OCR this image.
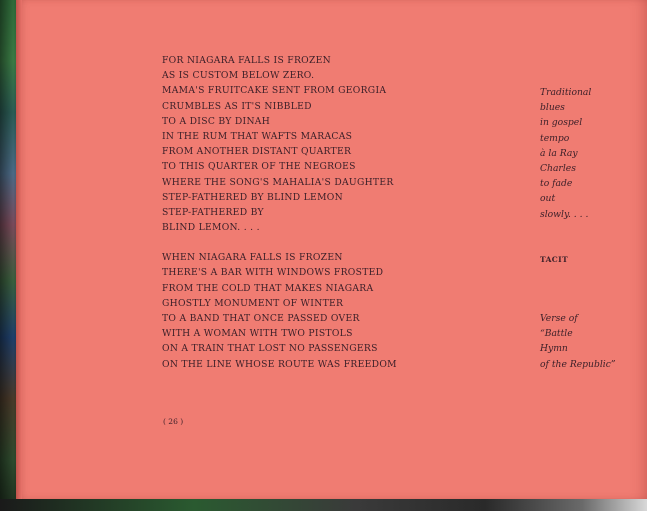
FOR NIAGARA FALLS IS FROZEN
AS IS CUSTOM BELOW ZERO.
MAMA'S FRUITCAKE SENT FROM GEORGIA
CRUMBLES AS IT'S NIBBLED
TO A DISC BY DINAH
IN THE RUM THAT WAFTS MARACAS
FROM ANOTHER DISTANT QUARTER
TO THIS QUARTER OF THE NEGROES
WHERE THE SONG'S MAHALIA'S DAUGHTER
STEP-FATHERED BY BLIND LEMON
STEP-FATHERED BY
BLIND LEMON. . . .
WHEN NIAGARA FALLS IS FROZEN
THERE'S A BAR WITH WINDOWS FROSTED
FROM THE COLD THAT MAKES NIAGARA
GHOSTLY MONUMENT OF WINTER
TO A BAND THAT ONCE PASSED OVER
WITH A WOMAN WITH TWO PISTOLS
ON A TRAIN THAT LOST NO PASSENGERS
ON THE LINE WHOSE ROUTE WAS FREEDOM
Traditional
blues
in gospel
tempo
à la Ray
Charles
to fade
out
slowly. . . .
TACIT
Verse of
“Battle
Hymn
of the Republic”
( 26 )
